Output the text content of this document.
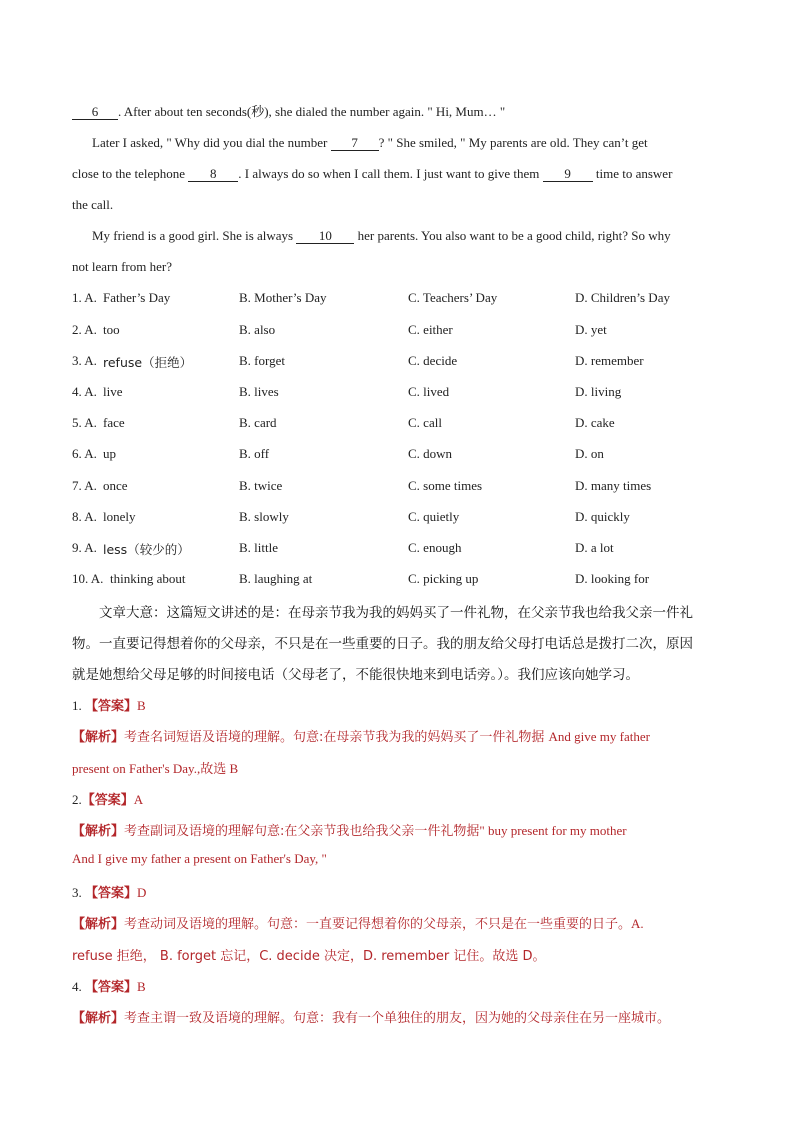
6 . After about ten seconds(秒), she dialed the number again. " Hi, Mum… "
Later I asked, " Why did you dial the number 7 ? " She smiled, " My parents are old. They can’t get
close to the telephone 8 . I always do so when I call them. I just want to give them 9 time to answer
the call.
My friend is a good girl. She is always 10 her parents. You also want to be a good child, right? So why
not learn from her?
1. A. Father’s Day	B. Mother’s Day	C. Teachers’ Day	D. Children’s Day
2. A. too	B. also	C. either	D. yet
3. A. refuse（拒绝）	B. forget	C. decide	D. remember
4. A. live	B. lives	C. lived	D. living
5. A. face	B. card	C. call	D. cake
6. A. up	B. off	C. down	D. on
7. A. once	B. twice	C. some times	D. many times
8. A. lonely	B. slowly	C. quietly	D. quickly
9. A. less（较少的）	B. little	C. enough	D. a lot
10. A. thinking about	B. laughing at	C. picking up	D. looking for
文章大意：这篇短文讲述的是：在母亲节我为我的妈妈买了一件礼物，在父亲节我也给我父亲一件礼
物。一直要记得想着你的父母亲，不只是在一些重要的日子。我的朋友给父母打电话总是拨打二次，原因
就是她想给父母足够的时间接电话（父母老了，不能很快地来到电话旁。）。我们应该向她学习。
1. 【答案】B
【解析】考查名词短语及语境的理解。句意:在母亲节我为我的妈妈买了一件礼物据 And give my father
present on Father's Day.,故选 B
2.【答案】A
【解析】考查副词及语境的理解句意:在父亲节我也给我父亲一件礼物据" buy present for my mother
And I give my father a present on Father's Day, "
3. 【答案】D
【解析】考查动词及语境的理解。句意：一直要记得想着你的父母亲，不只是在一些重要的日子。A.
refuse 拒绝， B. forget 忘记，C. decide 决定，D. remember 记住。故选 D。
4. 【答案】B
【解析】考查主谓一致及语境的理解。句意：我有一个单独住的朋友，因为她的父母亲住在另一座城市。
